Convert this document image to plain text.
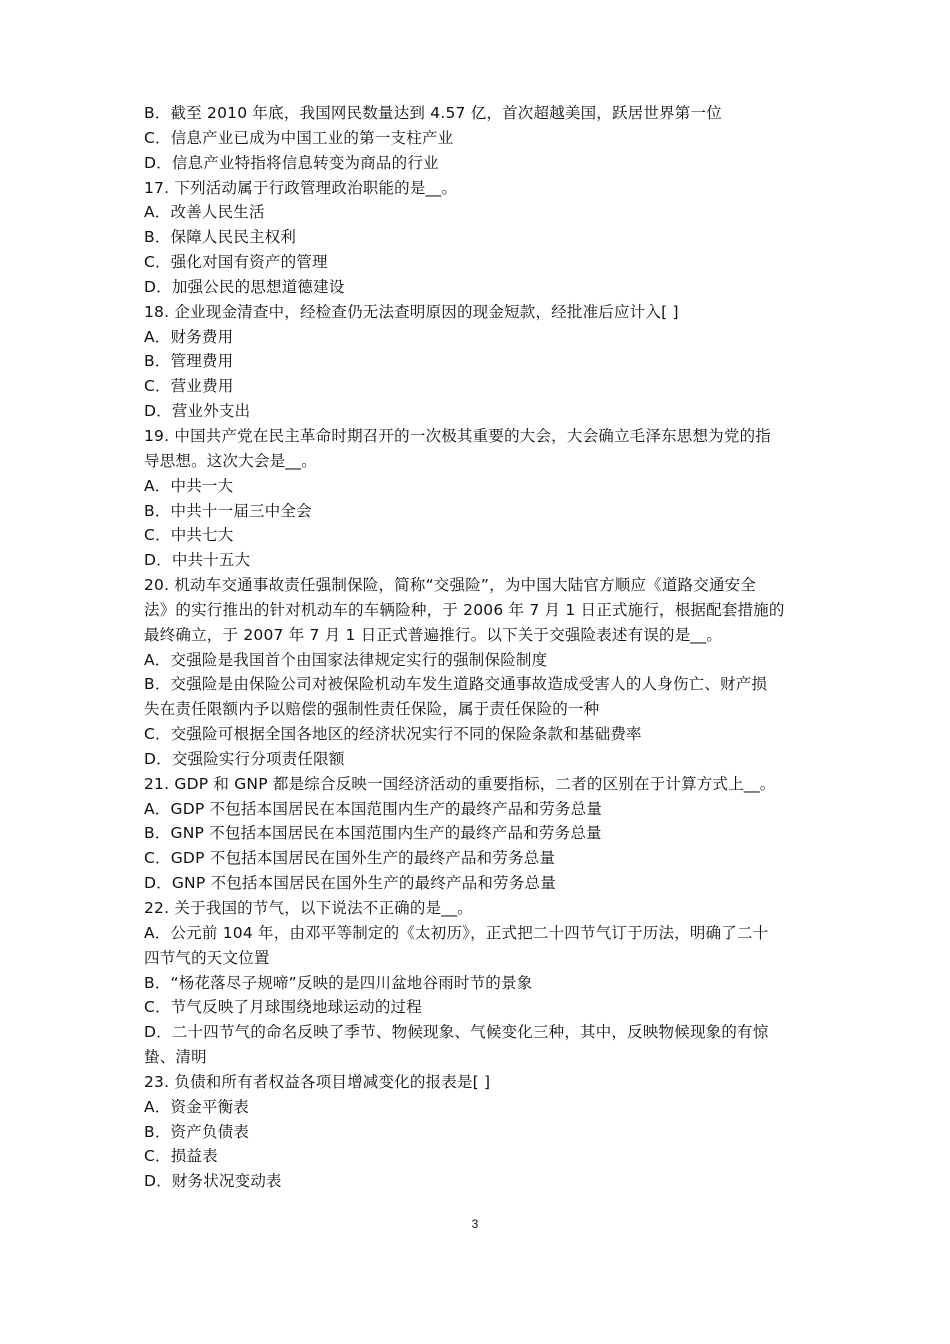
B．截至 2010 年底，我国网民数量达到 4.57 亿，首次超越美国，跃居世界第一位
C．信息产业已成为中国工业的第一支柱产业
D．信息产业特指将信息转变为商品的行业
17. 下列活动属于行政管理政治职能的是__。
A．改善人民生活
B．保障人民民主权利
C．强化对国有资产的管理
D．加强公民的思想道德建设
18. 企业现金清查中，经检查仍无法查明原因的现金短款，经批准后应计入[ ]
A．财务费用
B．管理费用
C．营业费用
D．营业外支出
19. 中国共产党在民主革命时期召开的一次极其重要的大会，大会确立毛泽东思想为党的指
导思想。这次大会是__。
A．中共一大
B．中共十一届三中全会
C．中共七大
D．中共十五大
20. 机动车交通事故责任强制保险，简称“交强险”，为中国大陆官方顺应《道路交通安全
法》的实行推出的针对机动车的车辆险种，于 2006 年 7 月 1 日正式施行，根据配套措施的
最终确立，于 2007 年 7 月 1 日正式普遍推行。以下关于交强险表述有误的是__。
A．交强险是我国首个由国家法律规定实行的强制保险制度
B．交强险是由保险公司对被保险机动车发生道路交通事故造成受害人的人身伤亡、财产损
失在责任限额内予以赔偿的强制性责任保险，属于责任保险的一种
C．交强险可根据全国各地区的经济状况实行不同的保险条款和基础费率
D．交强险实行分项责任限额
21. GDP 和 GNP 都是综合反映一国经济活动的重要指标，二者的区别在于计算方式上__。
A．GDP 不包括本国居民在本国范围内生产的最终产品和劳务总量
B．GNP 不包括本国居民在本国范围内生产的最终产品和劳务总量
C．GDP 不包括本国居民在国外生产的最终产品和劳务总量
D．GNP 不包括本国居民在国外生产的最终产品和劳务总量
22. 关于我国的节气，以下说法不正确的是__。
A．公元前 104 年，由邓平等制定的《太初历》，正式把二十四节气订于历法，明确了二十
四节气的天文位置
B．“杨花落尽子规啼”反映的是四川盆地谷雨时节的景象
C．节气反映了月球围绕地球运动的过程
D．二十四节气的命名反映了季节、物候现象、气候变化三种，其中，反映物候现象的有惊
蛰、清明
23. 负债和所有者权益各项目增减变化的报表是[ ]
A．资金平衡表
B．资产负债表
C．损益表
D．财务状况变动表
3
